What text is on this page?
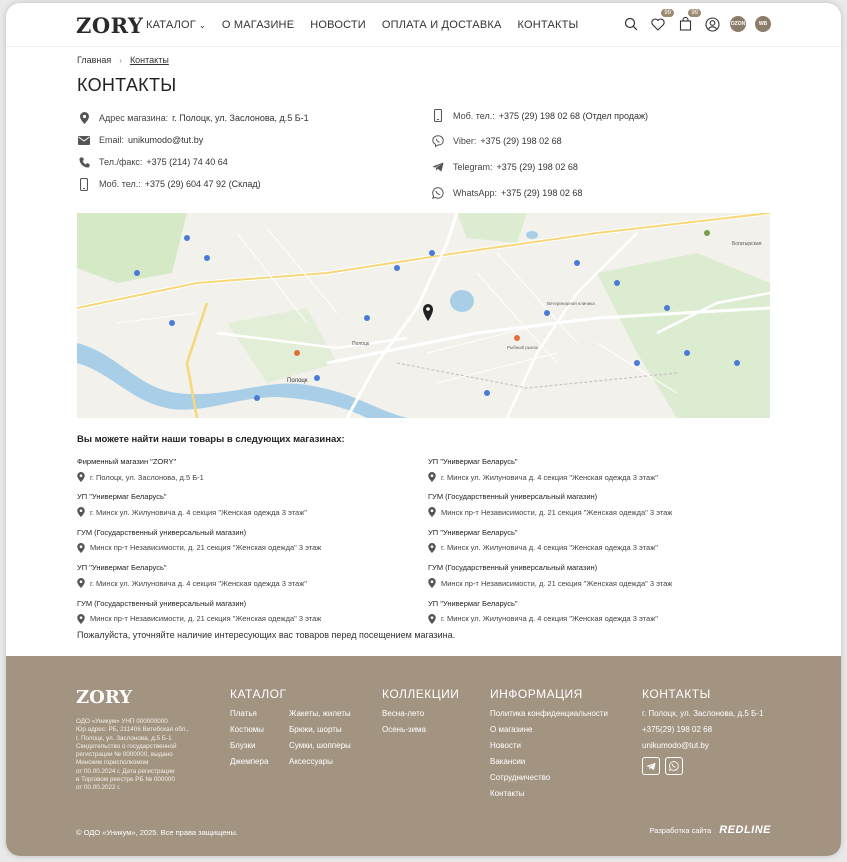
ZORY КАТАЛОГ ⌄ О МАГАЗИНЕ НОВОСТИ ОПЛАТА И ДОСТАВКА КОНТАКТЫ
99	99
OZON	WB
Главная › Контакты
КОНТАКТЫ
Адрес магазина: г. Полоцк, ул. Заслонова, д.5 Б-1
Email: unikumodo@tut.by
Тел./факс: +375 (214) 74 40 64
Моб. тел.: +375 (29) 604 47 92 (Склад)
Моб. тел.: +375 (29) 198 02 68 (Отдел продаж)
Viber: +375 (29) 198 02 68
Telegram: +375 (29) 198 02 68
WhatsApp: +375 (29) 198 02 68
Полоцк
Полоцк
Богатырская
Ветеринарная клиника
Рыбный рынок
Вы можете найти наши товары в следующих магазинах:
Фирменный магазин "ZORY"
г. Полоцк, ул. Заслонова, д.5 Б-1
УП "Универмаг Беларусь"
г. Минск ул. Жилуновича д. 4 секция "Женская одежда 3 этаж"
ГУМ (Государственный универсальный магазин)
Минск пр-т Независимости, д. 21 секция "Женская одежда" 3 этаж
УП "Универмаг Беларусь"
г. Минск ул. Жилуновича д. 4 секция "Женская одежда 3 этаж"
ГУМ (Государственный универсальный магазин)
Минск пр-т Независимости, д. 21 секция "Женская одежда" 3 этаж
УП "Универмаг Беларусь"
г. Минск ул. Жилуновича д. 4 секция "Женская одежда 3 этаж"
ГУМ (Государственный универсальный магазин)
Минск пр-т Независимости, д. 21 секция "Женская одежда" 3 этаж
УП "Универмаг Беларусь"
г. Минск ул. Жилуновича д. 4 секция "Женская одежда 3 этаж"
ГУМ (Государственный универсальный магазин)
Минск пр-т Независимости, д. 21 секция "Женская одежда" 3 этаж
УП "Универмаг Беларусь"
г. Минск ул. Жилуновича д. 4 секция "Женская одежда 3 этаж"
Пожалуйста, уточняйте наличие интересующих вас товаров перед посещением магазина.
ZORY
ОДО «Уникум» УНП 000000000
Юр.адрес: РБ, 211406 Витебская обл.,
г. Полоцк, ул. Заслонова, д.5 Б-1
Свидетельство о государственной
регистрации № 0000000, выдано
Минским горисполкомом
от 00.00.2024 г. Дата регистрации
в Торговом реестре РБ № 000000
от 00.00.2022 г.
КАТАЛОГ
Платья
Костюмы
Блузки
Джемпера
Жакеты, жилеты
Брюки, шорты
Сумки, шопперы
Аксессуары
КОЛЛЕКЦИИ
Весна-лето
Осень-зима
ИНФОРМАЦИЯ
Политика конфиденциальности
О магазине
Новости
Вакансии
Сотрудничество
Контакты
КОНТАКТЫ
г. Полоцк, ул. Заслонова, д.5 Б-1
+375(29) 198 02 68
unikumodo@tut.by
© ОДО «Уникум», 2025. Все права защищены.	Разработка сайта REDLINE
